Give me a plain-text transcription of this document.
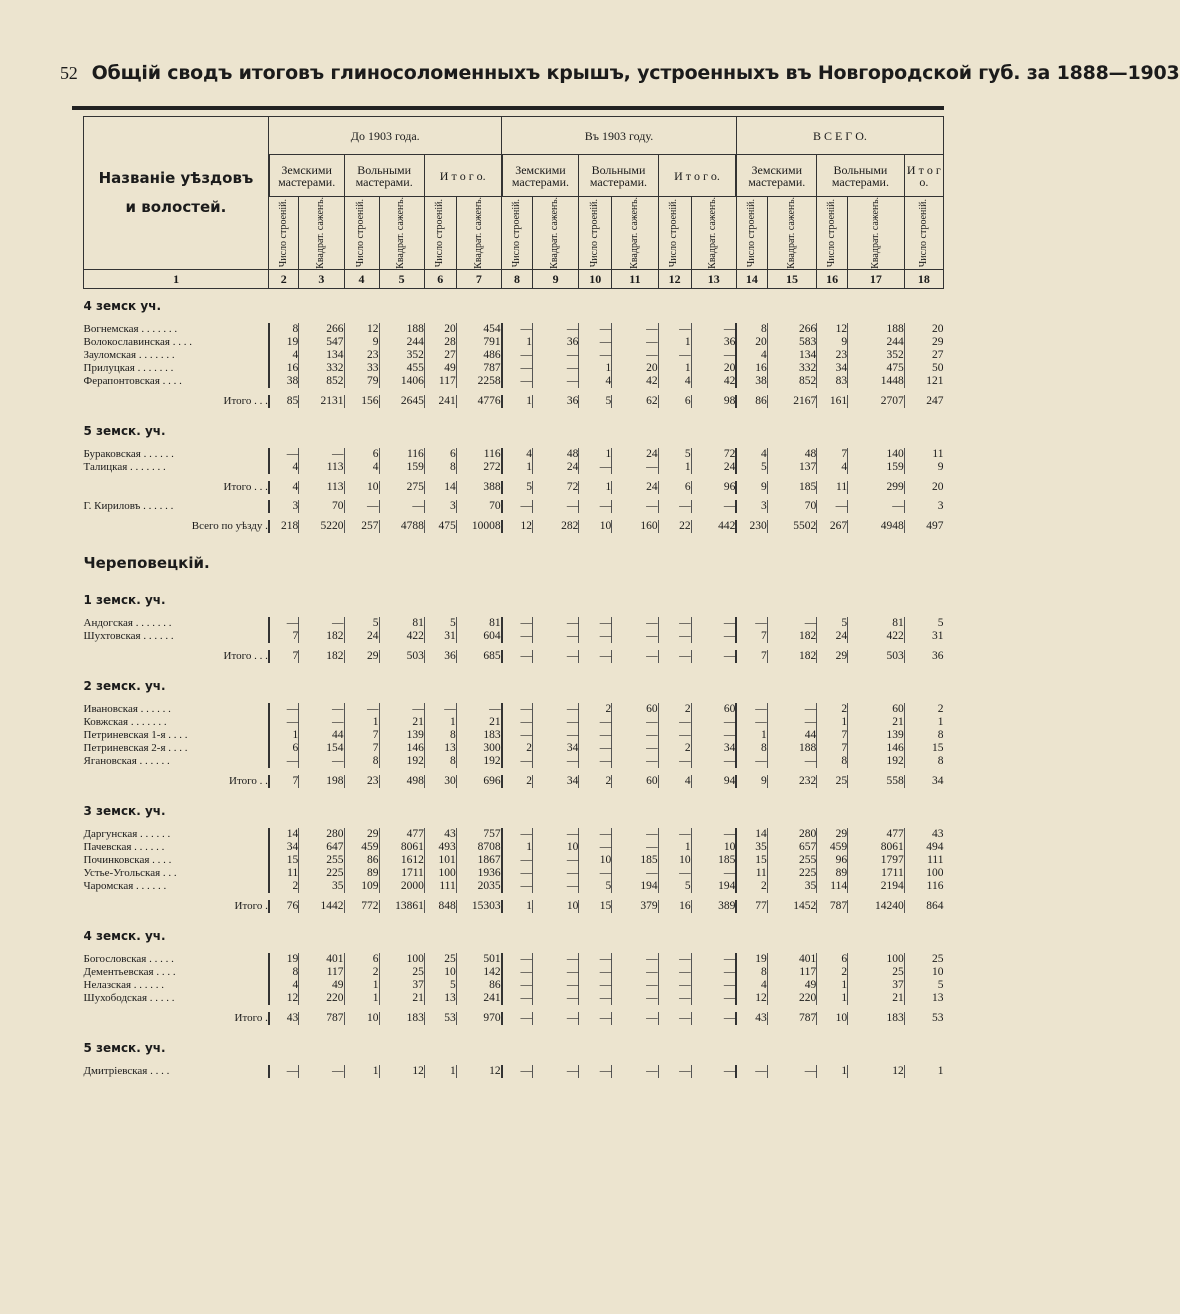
52 Общій сводъ итоговъ глиносоломенныхъ крышъ, устроенныхъ въ Новгородской губ. за 1888—1903
Названіе уѣздовъ
и волостей.	До 1903 года.						Въ 1903 году.						В С Е Г О.				
	Земскими мастерами.		Вольными мастерами.		И т о г о.		Земскими мастерами.		Вольными мастерами.		И т о г о.		Земскими мастерами.		Вольными мастерами.		И т о г о.

	Число строеній.	Квадрат. саженъ.	Число строеній.	Квадрат. саженъ.	Число строеній.	Квадрат. саженъ.	Число строеній.	Квадрат. саженъ.	Число строеній.	Квадрат. саженъ.	Число строеній.	Квадрат. саженъ.	Число строеній.	Квадрат. саженъ.	Число строеній.	Квадрат. саженъ.	Число строеній.

1	2	3	4	5	6	7	8	9	10	11	12	13	14	15	16	17	18

4 земск уч.																	

Вогнемская . . . . . . .	8	266	12	188	20	454	—	—	—	—	—	—	8	266	12	188	20
Волокославинская . . . .	19	547	9	244	28	791	1	36	—	—	1	36	20	583	9	244	29
Зауломская . . . . . . .	4	134	23	352	27	486	—	—	—	—	—	—	4	134	23	352	27
Прилуцкая . . . . . . .	16	332	33	455	49	787	—	—	1	20	1	20	16	332	34	475	50
Ферапонтовская . . . .	38	852	79	1406	117	2258	—	—	4	42	4	42	38	852	83	1448	121

Итого . . .	85	2131	156	2645	241	4776	1	36	5	62	6	98	86	2167	161	2707	247

5 земск. уч.																	

Бураковская . . . . . .	—	—	6	116	6	116	4	48	1	24	5	72	4	48	7	140	11
Талицкая . . . . . . .	4	113	4	159	8	272	1	24	—	—	1	24	5	137	4	159	9

Итого . . .	4	113	10	275	14	388	5	72	1	24	6	96	9	185	11	299	20

Г. Кириловъ . . . . . .	3	70	—	—	3	70	—	—	—	—	—	—	3	70	—	—	3

Всего по уѣзду .	218	5220	257	4788	475	10008	12	282	10	160	22	442	230	5502	267	4948	497

Череповецкій.																	

1 земск. уч.																	

Андогская . . . . . . .	—	—	5	81	5	81	—	—	—	—	—	—	—	—	5	81	5
Шухтовская . . . . . .	7	182	24	422	31	604	—	—	—	—	—	—	7	182	24	422	31

Итого . . .	7	182	29	503	36	685	—	—	—	—	—	—	7	182	29	503	36

2 земск. уч.																	

Ивановская . . . . . .	—	—	—	—	—	—	—	—	2	60	2	60	—	—	2	60	2
Ковжская . . . . . . .	—	—	1	21	1	21	—	—	—	—	—	—	—	—	1	21	1
Петриневская 1-я . . . .	1	44	7	139	8	183	—	—	—	—	—	—	1	44	7	139	8
Петриневская 2-я . . . .	6	154	7	146	13	300	2	34	—	—	2	34	8	188	7	146	15
Ягановская . . . . . .	—	—	8	192	8	192	—	—	—	—	—	—	—	—	8	192	8

Итого . .	7	198	23	498	30	696	2	34	2	60	4	94	9	232	25	558	34

3 земск. уч.																	

Даргунская . . . . . .	14	280	29	477	43	757	—	—	—	—	—	—	14	280	29	477	43
Пачевская . . . . . .	34	647	459	8061	493	8708	1	10	—	—	1	10	35	657	459	8061	494
Починковская . . . .	15	255	86	1612	101	1867	—	—	10	185	10	185	15	255	96	1797	111
Устье-Угольская . . .	11	225	89	1711	100	1936	—	—	—	—	—	—	11	225	89	1711	100
Чаромская . . . . . .	2	35	109	2000	111	2035	—	—	5	194	5	194	2	35	114	2194	116

Итого .	76	1442	772	13861	848	15303	1	10	15	379	16	389	77	1452	787	14240	864

4 земск. уч.																	

Богословская . . . . .	19	401	6	100	25	501	—	—	—	—	—	—	19	401	6	100	25
Дементьевская . . . .	8	117	2	25	10	142	—	—	—	—	—	—	8	117	2	25	10
Нелазская . . . . . .	4	49	1	37	5	86	—	—	—	—	—	—	4	49	1	37	5
Шухободская . . . . .	12	220	1	21	13	241	—	—	—	—	—	—	12	220	1	21	13

Итого .	43	787	10	183	53	970	—	—	—	—	—	—	43	787	10	183	53

5 земск. уч.																	

Дмитріевская . . . .	—	—	1	12	1	12	—	—	—	—	—	—	—	—	1	12	1
